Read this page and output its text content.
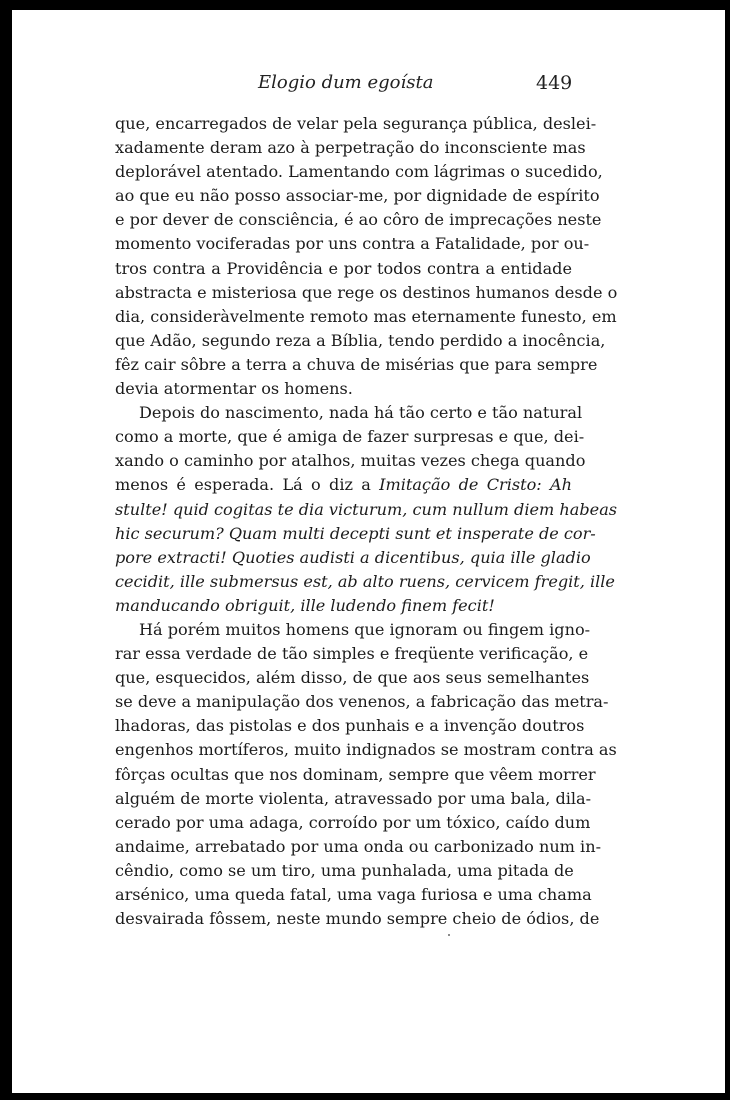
Elogio dum egoísta	449

que, encarregados de velar pela segurança pública, deslei-
xadamente deram azo à perpetração do inconsciente mas
deplorável atentado. Lamentando com lágrimas o sucedido,
ao que eu não posso associar-me, por dignidade de espírito
e por dever de consciência, é ao côro de imprecações neste
momento vociferadas por uns contra a Fatalidade, por ou-
tros contra a Providência e por todos contra a entidade
abstracta e misteriosa que rege os destinos humanos desde o
dia, consideràvelmente remoto mas eternamente funesto, em
que Adão, segundo reza a Bíblia, tendo perdido a inocência,
fêz cair sôbre a terra a chuva de misérias que para sempre
devia atormentar os homens.

Depois do nascimento, nada há tão certo e tão natural
como a morte, que é amiga de fazer surpresas e que, dei-
xando o caminho por atalhos, muitas vezes chega quando
menos é esperada. Lá o diz a Imitação de Cristo: Ah
stulte! quid cogitas te dia victurum, cum nullum diem habeas
hic securum? Quam multi decepti sunt et insperate de cor-
pore extracti! Quoties audisti a dicentibus, quia ille gladio
cecidit, ille submersus est, ab alto ruens, cervicem fregit, ille
manducando obriguit, ille ludendo finem fecit!

Há porém muitos homens que ignoram ou fingem igno-
rar essa verdade de tão simples e freqüente verificação, e
que, esquecidos, além disso, de que aos seus semelhantes
se deve a manipulação dos venenos, a fabricação das metra-
lhadoras, das pistolas e dos punhais e a invenção doutros
engenhos mortíferos, muito indignados se mostram contra as
fôrças ocultas que nos dominam, sempre que vêem morrer
alguém de morte violenta, atravessado por uma bala, dila-
cerado por uma adaga, corroído por um tóxico, caído dum
andaime, arrebatado por uma onda ou carbonizado num in-
cêndio, como se um tiro, uma punhalada, uma pitada de
arsénico, uma queda fatal, uma vaga furiosa e uma chama
desvairada fôssem, neste mundo sempre cheio de ódios, de
